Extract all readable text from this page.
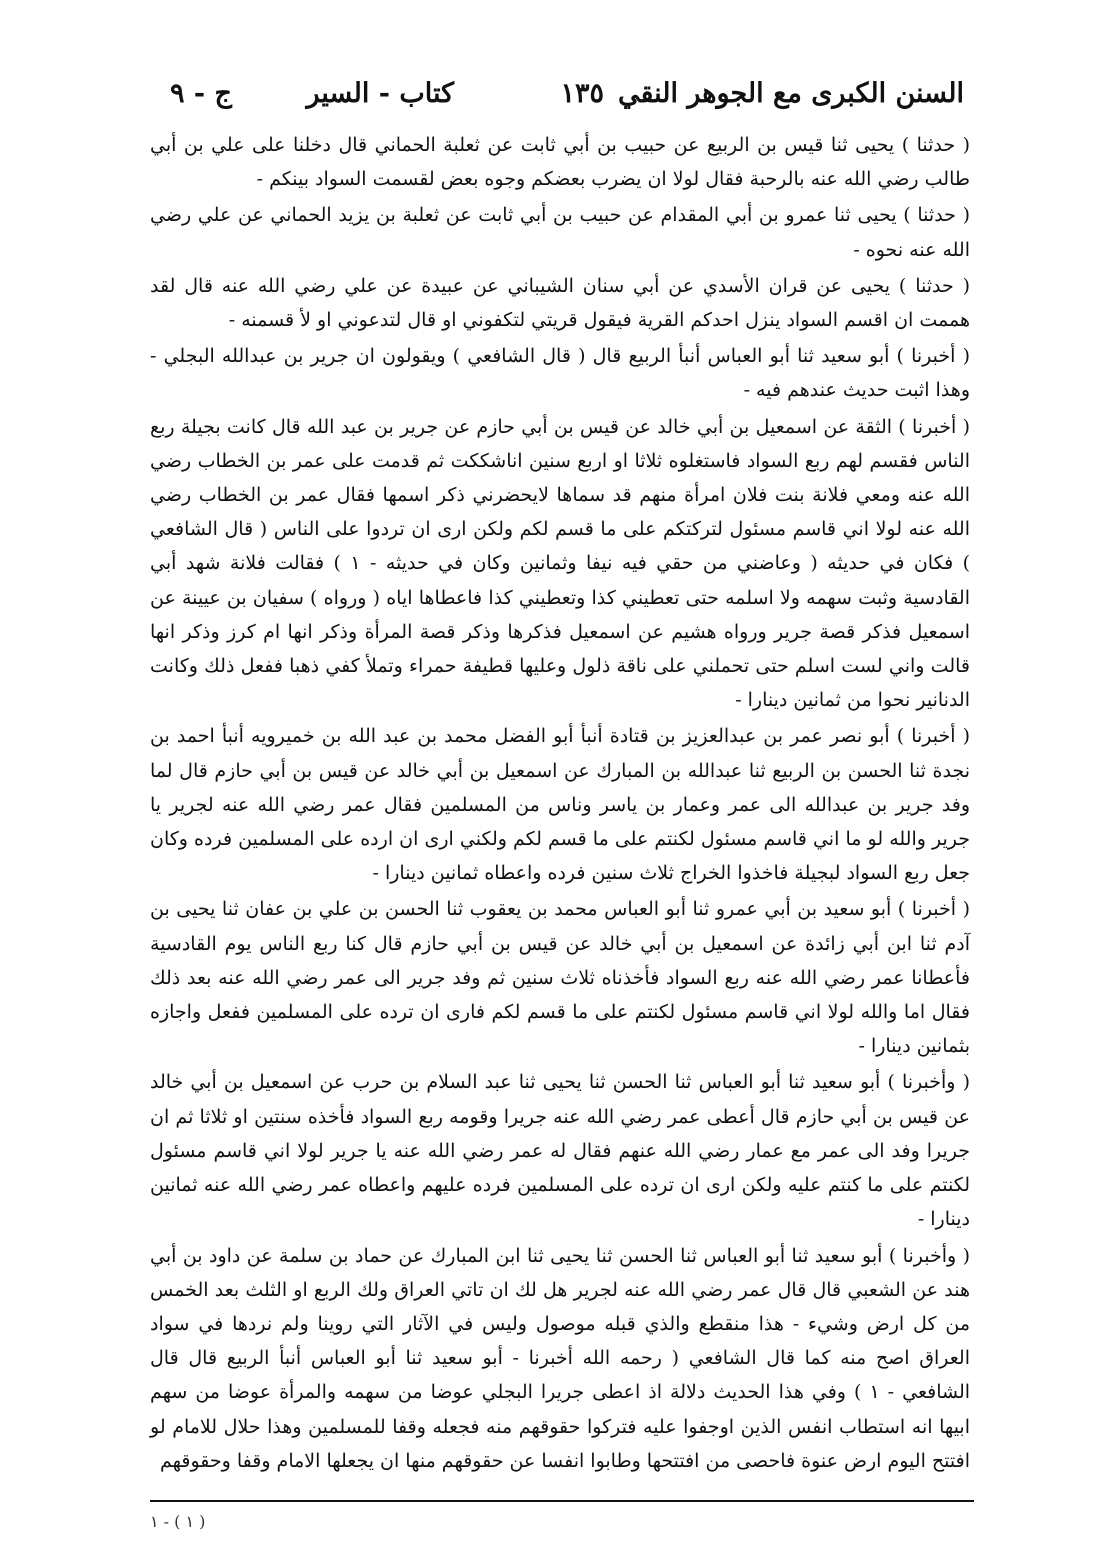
السنن الكبرى مع الجوهر النقي
١٣٥
كتاب - السير
ج - ٩

( حدثنا ) يحيى ثنا قيس بن الربيع عن حبيب بن أبي ثابت عن ثعلبة الحماني قال دخلنا على علي بن أبي طالب رضي الله عنه بالرحبة فقال لولا ان يضرب بعضكم وجوه بعض لقسمت السواد بينكم -

( حدثنا ) يحيى ثنا عمرو بن أبي المقدام عن حبيب بن أبي ثابت عن ثعلبة بن يزيد الحماني عن علي رضي الله عنه نحوه -

( حدثنا ) يحيى عن قران الأسدي عن أبي سنان الشيباني عن عبيدة عن علي رضي الله عنه قال لقد هممت ان اقسم السواد ينزل احدكم القرية فيقول قريتي لتكفوني او قال لتدعوني او لأ قسمنه -

( أخبرنا ) أبو سعيد ثنا أبو العباس أنبأ الربيع قال ( قال الشافعي ) ويقولون ان جرير بن عبدالله البجلي - وهذا اثبت حديث عندهم فيه -

( أخبرنا ) الثقة عن اسمعيل بن أبي خالد عن قيس بن أبي حازم عن جرير بن عبد الله قال كانت بجيلة ربع الناس فقسم لهم ربع السواد فاستغلوه ثلاثا او اربع سنين اناشككت ثم قدمت على عمر بن الخطاب رضي الله عنه ومعي فلانة بنت فلان امرأة منهم قد سماها لايحضرني ذكر اسمها فقال عمر بن الخطاب رضي الله عنه لولا اني قاسم مسئول لتركتكم على ما قسم لكم ولكن ارى ان تردوا على الناس ( قال الشافعي ) فكان في حديثه ( وعاضني من حقي فيه نيفا وثمانين وكان في حديثه - ١ ) فقالت فلانة شهد أبي القادسية وثبت سهمه ولا اسلمه حتى تعطيني كذا وتعطيني كذا فاعطاها اياه ( ورواه ) سفيان بن عيينة عن اسمعيل فذكر قصة جرير ورواه هشيم عن اسمعيل فذكرها وذكر قصة المرأة وذكر انها ام كرز وذكر انها قالت واني لست اسلم حتى تحملني على ناقة ذلول وعليها قطيفة حمراء وتملأ كفي ذهبا ففعل ذلك وكانت الدنانير نحوا من ثمانين دينارا -

( أخبرنا ) أبو نصر عمر بن عبدالعزيز بن قتادة أنبأ أبو الفضل محمد بن عبد الله بن خميرويه أنبأ احمد بن نجدة ثنا الحسن بن الربيع ثنا عبدالله بن المبارك عن اسمعيل بن أبي خالد عن قيس بن أبي حازم قال لما وفد جرير بن عبدالله الى عمر وعمار بن ياسر وناس من المسلمين فقال عمر رضي الله عنه لجرير يا جرير والله لو ما اني قاسم مسئول لكنتم على ما قسم لكم ولكني ارى ان ارده على المسلمين فرده وكان جعل ربع السواد لبجيلة فاخذوا الخراج ثلاث سنين فرده واعطاه ثمانين دينارا -

( أخبرنا ) أبو سعيد بن أبي عمرو ثنا أبو العباس محمد بن يعقوب ثنا الحسن بن علي بن عفان ثنا يحيى بن آدم ثنا ابن أبي زائدة عن اسمعيل بن أبي خالد عن قيس بن أبي حازم قال كنا ربع الناس يوم القادسية فأعطانا عمر رضي الله عنه ربع السواد فأخذناه ثلاث سنين ثم وفد جرير الى عمر رضي الله عنه بعد ذلك فقال اما والله لولا اني قاسم مسئول لكنتم على ما قسم لكم فارى ان ترده على المسلمين ففعل واجازه بثمانين دينارا -

( وأخبرنا ) أبو سعيد ثنا أبو العباس ثنا الحسن ثنا يحيى ثنا عبد السلام بن حرب عن اسمعيل بن أبي خالد عن قيس بن أبي حازم قال أعطى عمر رضي الله عنه جريرا وقومه ربع السواد فأخذه سنتين او ثلاثا ثم ان جريرا وفد الى عمر مع عمار رضي الله عنهم فقال له عمر رضي الله عنه يا جرير لولا اني قاسم مسئول لكنتم على ما كنتم عليه ولكن ارى ان ترده على المسلمين فرده عليهم واعطاه عمر رضي الله عنه ثمانين دينارا -

( وأخبرنا ) أبو سعيد ثنا أبو العباس ثنا الحسن ثنا يحيى ثنا ابن المبارك عن حماد بن سلمة عن داود بن أبي هند عن الشعبي قال قال عمر رضي الله عنه لجرير هل لك ان تاتي العراق ولك الربع او الثلث بعد الخمس من كل ارض وشيء - هذا منقطع والذي قبله موصول وليس في الآثار التي روينا ولم نردها في سواد العراق اصح منه كما قال الشافعي ( رحمه الله أخبرنا - أبو سعيد ثنا أبو العباس أنبأ الربيع قال قال الشافعي - ١ ) وفي هذا الحديث دلالة اذ اعطى جريرا البجلي عوضا من سهمه والمرأة عوضا من سهم ابيها انه استطاب انفس الذين اوجفوا عليه فتركوا حقوقهم منه فجعله وقفا للمسلمين وهذا حلال للامام لو افتتح اليوم ارض عنوة فاحصى من افتتحها وطابوا انفسا عن حقوقهم منها ان يجعلها الامام وقفا وحقوقهم

( ١ ) - ١
